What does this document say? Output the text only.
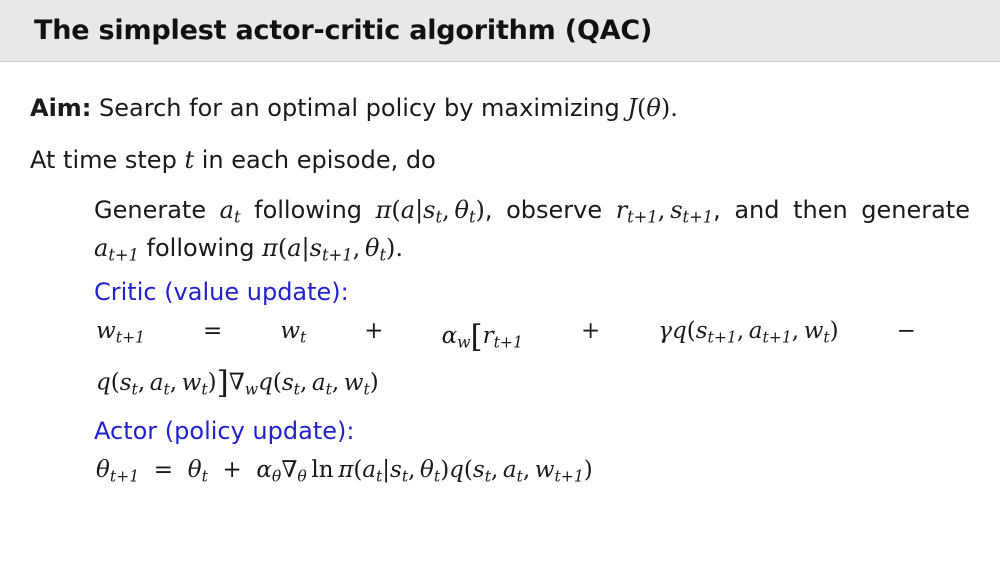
The simplest actor-critic algorithm (QAC)
Aim: Search for an optimal policy by maximizing J(θ).
At time step t in each episode, do
Generate $a_t$ following $\pi(a|s_t$, $\theta_t$), observe $r_{t+1}$, $s_{t+1}$, and then generate $a_{t+1}$ following $\pi(a|s_{t+1}$, $\theta_t$).
Critic (value update):
$w_{t+1}$	=	$w_t$	+	$\alpha_w[r_{t+1}$	+	$\gamma q(s_{t+1}$, $a_{t+1}$, $w_t$)	−
$q(s_t$, $a_t$, $w_t)]\nabla_wq(s_t$, $a_t$, $w_t$)
Actor (policy update):
$\theta_{t+1} = \theta_t + \alpha_\theta\nabla_\theta$  $\ln \pi(a_t|s_t$, $\theta_t)q(s_t$, $a_t$, $w_{t+1}$)
